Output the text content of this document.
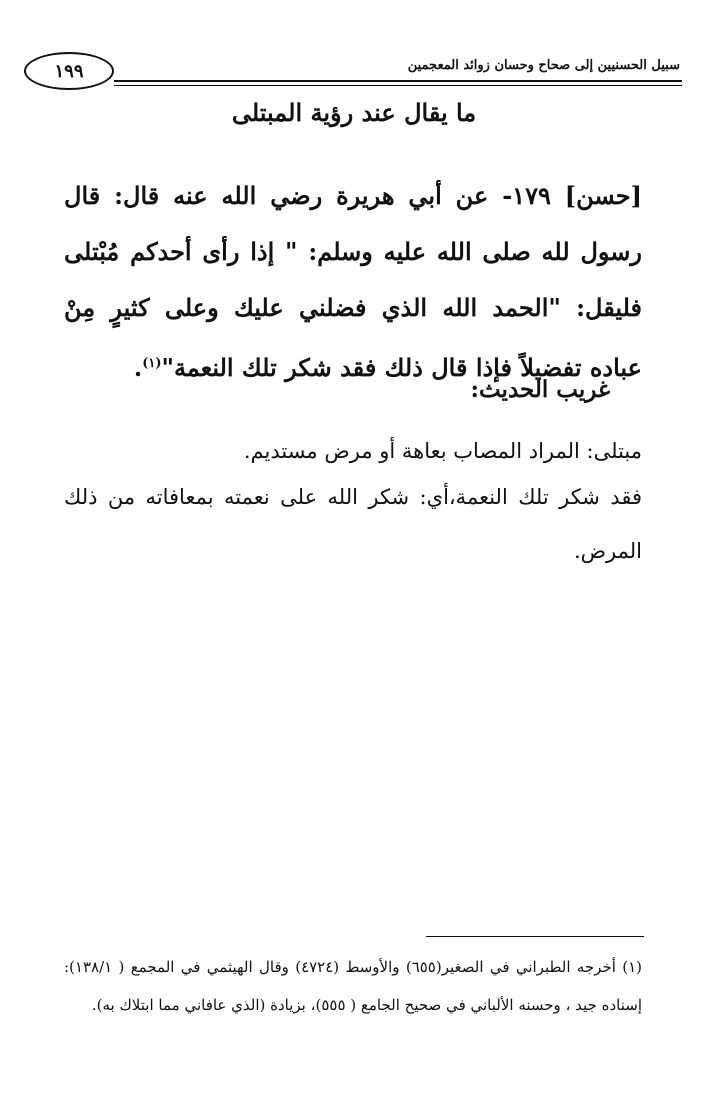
١٩٩	سبيل الحسنيين إلى صحاح وحسان زوائد المعجمين
ما يقال عند رؤية المبتلى
[حسن] ١٧٩- عن أبي هريرة رضي الله عنه قال: قال رسول لله صلى الله عليه وسلم: " إذا رأى أحدكم مُبْتلى فليقل: "الحمد الله الذي فضلني عليك وعلى كثيرٍ مِنْ عباده تفضيلاً فإذا قال ذلك فقد شكر تلك النعمة"$^{(١)}$.
غريب الحديث:
مبتلى: المراد المصاب بعاهة أو مرض مستديم.
فقد شكر تلك النعمة،أي: شكر الله على نعمته بمعافاته من ذلك المرض.
(١) أخرجه الطبراني في الصغير(٦٥٥) والأوسط (٤٧٢٤) وقال الهيثمي في المجمع ( ١٣٨/١): إسناده جيد ، وحسنه الألباني في صحيح الجامع ( ٥٥٥)، بزيادة (الذي عافاني مما ابتلاك به).
